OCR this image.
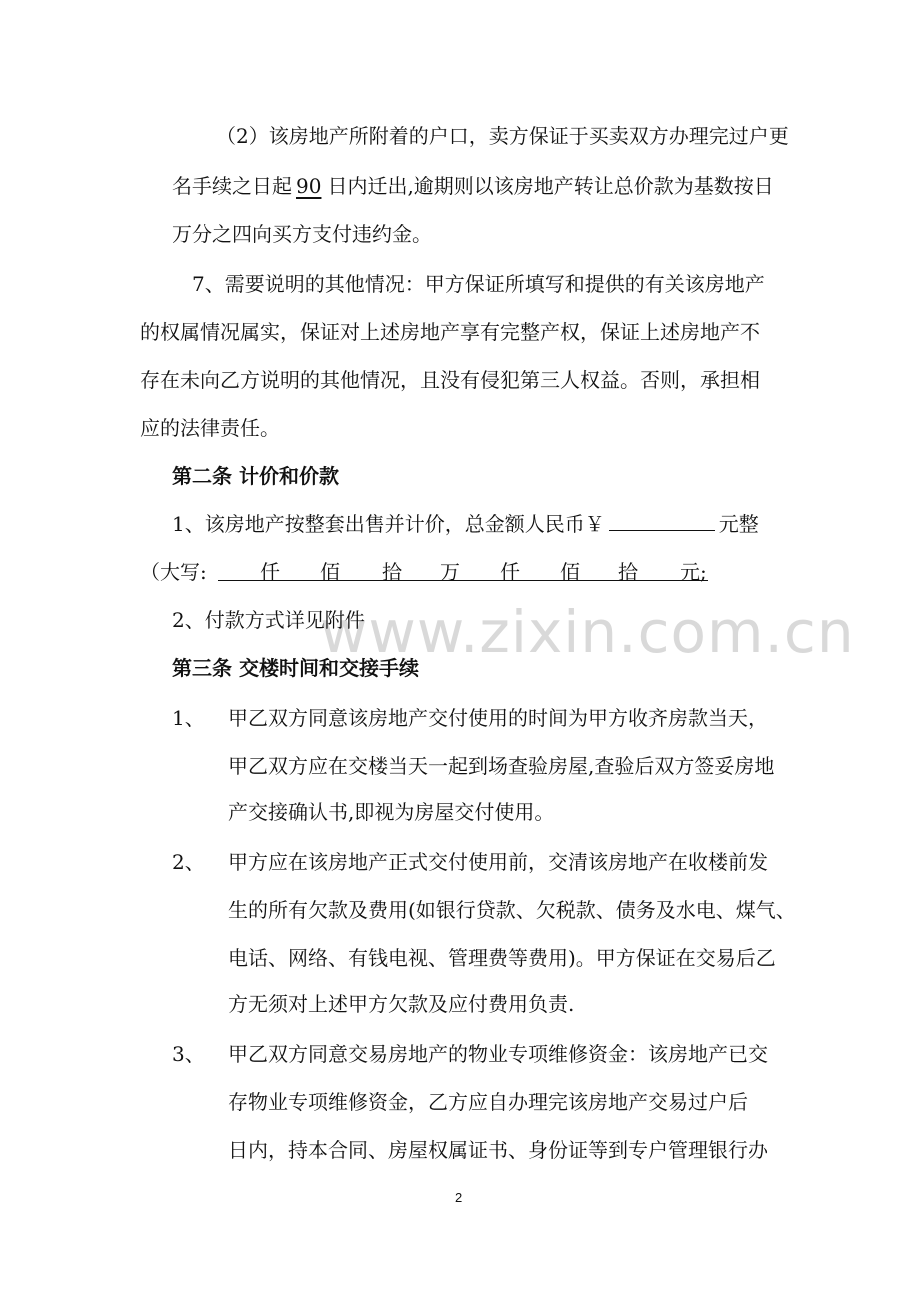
www.zixin.com.cn
（2）该房地产所附着的户口，卖方保证于买卖双方办理完过户更
名手续之日起 90 日内迁出,逾期则以该房地产转让总价款为基数按日
万分之四向买方支付违约金。
7、需要说明的其他情况：甲方保证所填写和提供的有关该房地产
的权属情况属实，保证对上述房地产享有完整产权，保证上述房地产不
存在未向乙方说明的其他情况，且没有侵犯第三人权益。否则，承担相
应的法律责任。
第二条 计价和价款
1、该房地产按整套出售并计价，总金额人民币￥	元整
（大写:	仟 佰 拾 万 仟 佰 拾 元;
2、付款方式详见附件
第三条 交楼时间和交接手续
1、 甲乙双方同意该房地产交付使用的时间为甲方收齐房款当天，
甲乙双方应在交楼当天一起到场查验房屋,查验后双方签妥房地
产交接确认书,即视为房屋交付使用。
2、 甲方应在该房地产正式交付使用前，交清该房地产在收楼前发
生的所有欠款及费用(如银行贷款、欠税款、债务及水电、煤气、
电话、网络、有钱电视、管理费等费用)。甲方保证在交易后乙
方无须对上述甲方欠款及应付费用负责.
3、 甲乙双方同意交易房地产的物业专项维修资金：该房地产已交
存物业专项维修资金，乙方应自办理完该房地产交易过户后
日内，持本合同、房屋权属证书、身份证等到专户管理银行办
2
